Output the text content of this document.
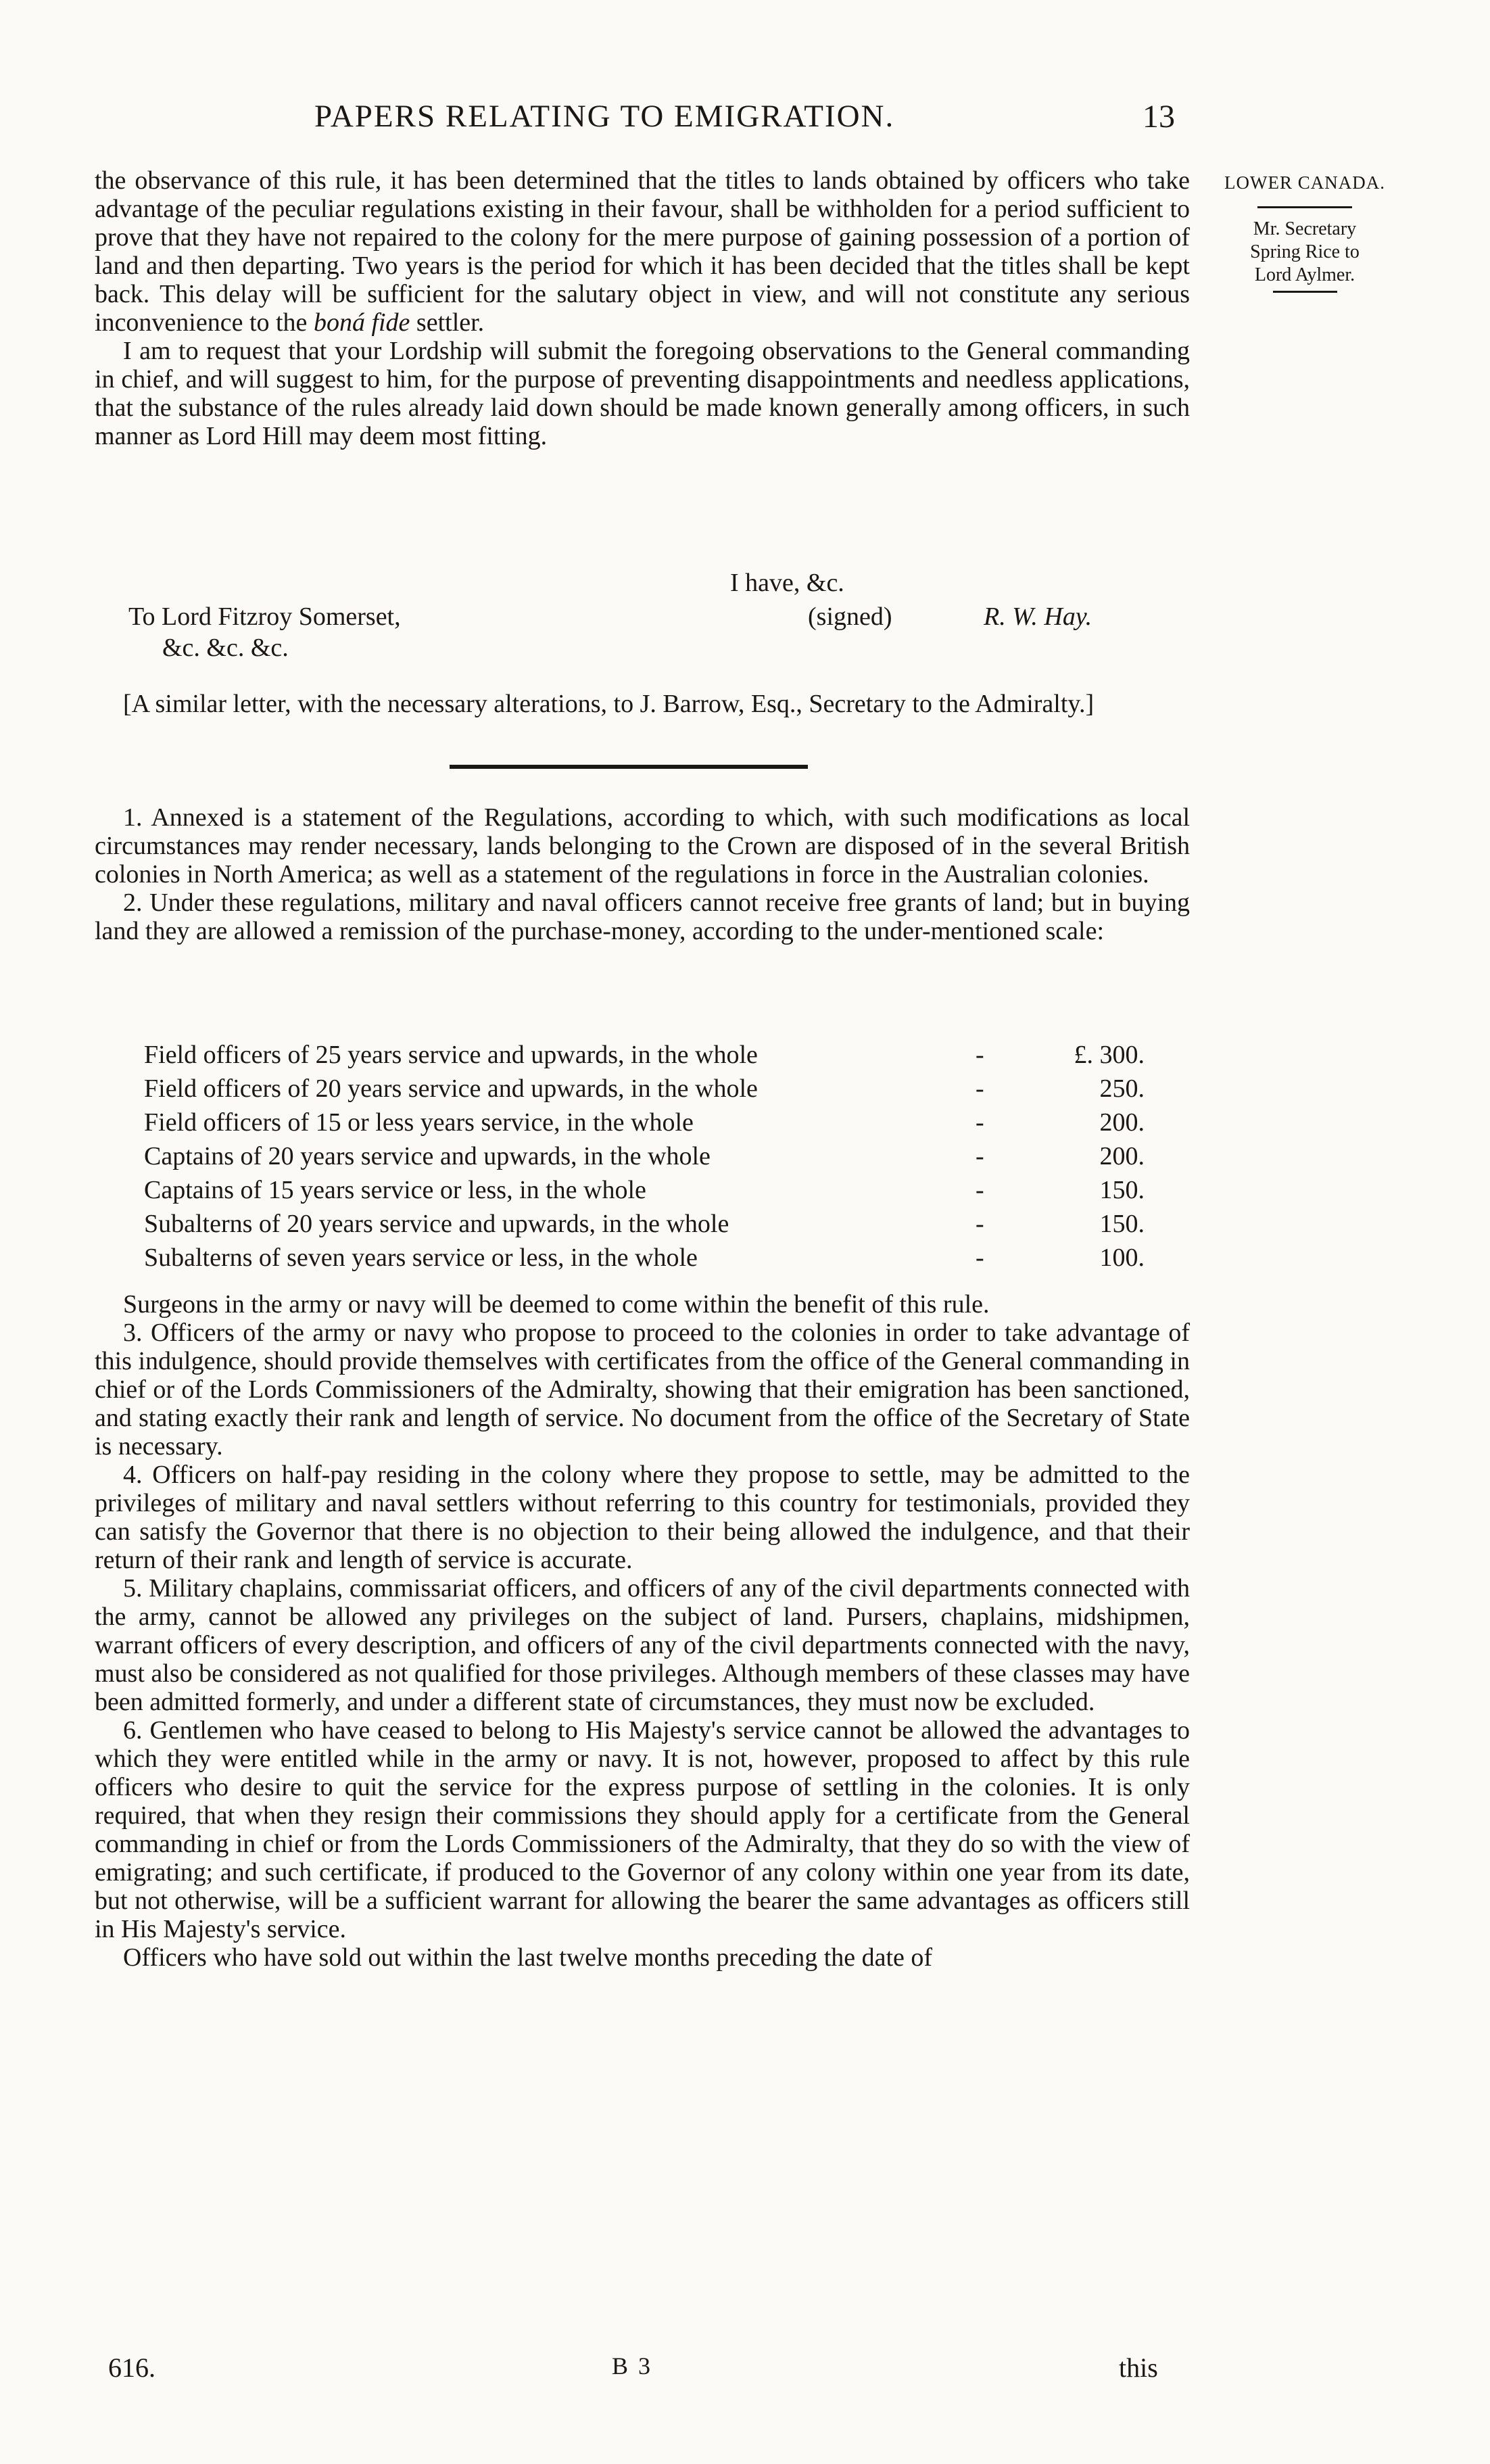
PAPERS RELATING TO EMIGRATION.	13
LOWER CANADA.
Mr. Secretary
Spring Rice to
Lord Aylmer.

the observance of this rule, it has been determined that the titles to lands obtained by officers who take advantage of the peculiar regulations existing in their favour, shall be withholden for a period sufficient to prove that they have not repaired to the colony for the mere purpose of gaining possession of a portion of land and then departing. Two years is the period for which it has been decided that the titles shall be kept back. This delay will be sufficient for the salutary object in view, and will not constitute any serious inconvenience to the boná fide settler.

I am to request that your Lordship will submit the foregoing observations to the General commanding in chief, and will suggest to him, for the purpose of preventing disappointments and needless applications, that the substance of the rules already laid down should be made known generally among officers, in such manner as Lord Hill may deem most fitting.

I have, &c.
To Lord Fitzroy Somerset,	(signed)	R. W. Hay.
&c. &c. &c.

[A similar letter, with the necessary alterations, to J. Barrow, Esq., Secretary to the Admiralty.]

1. Annexed is a statement of the Regulations, according to which, with such modifications as local circumstances may render necessary, lands belonging to the Crown are disposed of in the several British colonies in North America; as well as a statement of the regulations in force in the Australian colonies.

2. Under these regulations, military and naval officers cannot receive free grants of land; but in buying land they are allowed a remission of the purchase-money, according to the under-mentioned scale:

Field officers of 25 years service and upwards, in the whole	-	£. 300.
Field officers of 20 years service and upwards, in the whole	-	250.
Field officers of 15 or less years service, in the whole	-	200.
Captains of 20 years service and upwards, in the whole	-	200.
Captains of 15 years service or less, in the whole	-	150.
Subalterns of 20 years service and upwards, in the whole	-	150.
Subalterns of seven years service or less, in the whole	-	100.

Surgeons in the army or navy will be deemed to come within the benefit of this rule.

3. Officers of the army or navy who propose to proceed to the colonies in order to take advantage of this indulgence, should provide themselves with certificates from the office of the General commanding in chief or of the Lords Commissioners of the Admiralty, showing that their emigration has been sanctioned, and stating exactly their rank and length of service. No document from the office of the Secretary of State is necessary.

4. Officers on half-pay residing in the colony where they propose to settle, may be admitted to the privileges of military and naval settlers without referring to this country for testimonials, provided they can satisfy the Governor that there is no objection to their being allowed the indulgence, and that their return of their rank and length of service is accurate.

5. Military chaplains, commissariat officers, and officers of any of the civil departments connected with the army, cannot be allowed any privileges on the subject of land. Pursers, chaplains, midshipmen, warrant officers of every description, and officers of any of the civil departments connected with the navy, must also be considered as not qualified for those privileges. Although members of these classes may have been admitted formerly, and under a different state of circumstances, they must now be excluded.

6. Gentlemen who have ceased to belong to His Majesty's service cannot be allowed the advantages to which they were entitled while in the army or navy. It is not, however, proposed to affect by this rule officers who desire to quit the service for the express purpose of settling in the colonies. It is only required, that when they resign their commissions they should apply for a certificate from the General commanding in chief or from the Lords Commissioners of the Admiralty, that they do so with the view of emigrating; and such certificate, if produced to the Governor of any colony within one year from its date, but not otherwise, will be a sufficient warrant for allowing the bearer the same advantages as officers still in His Majesty's service.

Officers who have sold out within the last twelve months preceding the date of

616.	B 3	this
